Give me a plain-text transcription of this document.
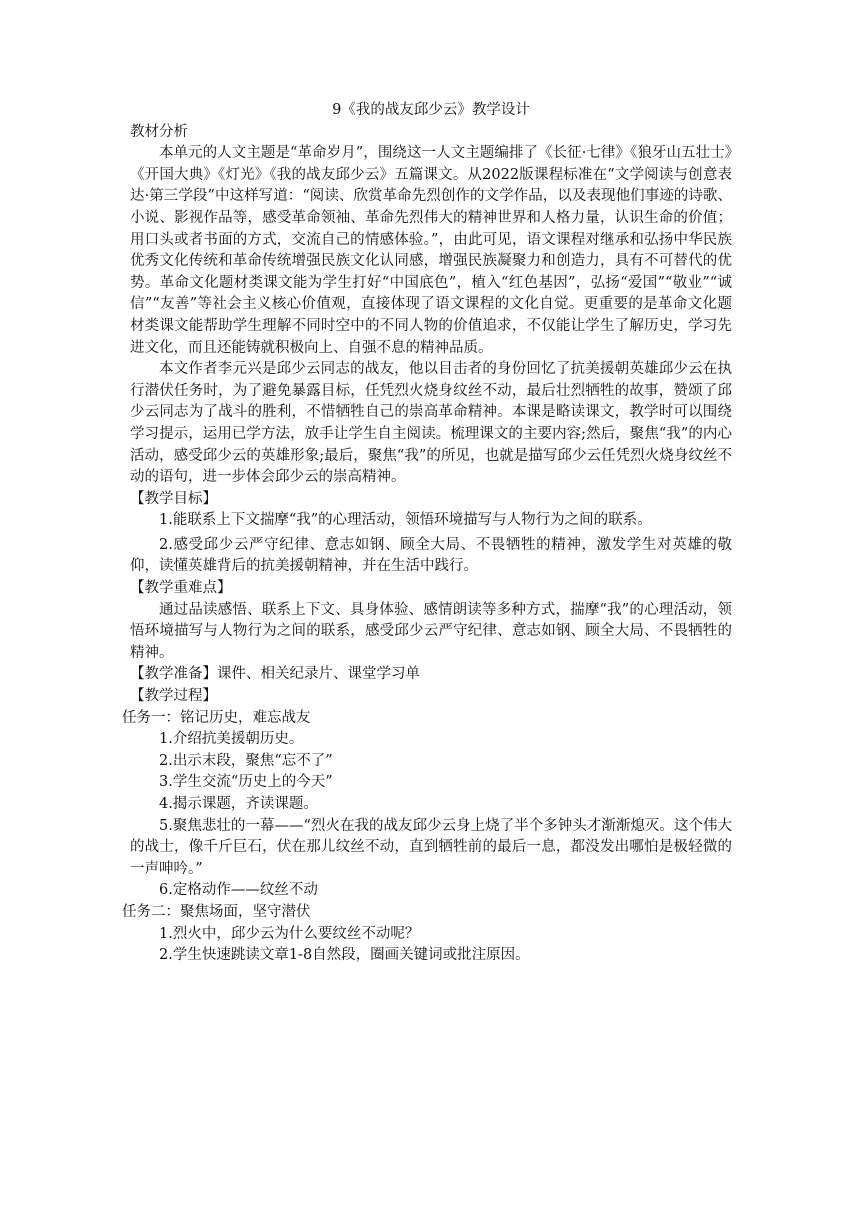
9《我的战友邱少云》教学设计

教材分析

本单元的人文主题是“革命岁月”，围绕这一人文主题编排了《长征·七律》《狼牙山五壮士》《开国大典》《灯光》《我的战友邱少云》五篇课文。从2022版课程标准在“文学阅读与创意表达·第三学段”中这样写道：“阅读、欣赏革命先烈创作的文学作品，以及表现他们事迹的诗歌、小说、影视作品等，感受革命领袖、革命先烈伟大的精神世界和人格力量，认识生命的价值；用口头或者书面的方式，交流自己的情感体验。”，由此可见，语文课程对继承和弘扬中华民族优秀文化传统和革命传统增强民族文化认同感，增强民族凝聚力和创造力，具有不可替代的优势。革命文化题材类课文能为学生打好“中国底色”，植入“红色基因”，弘扬“爱国”“敬业”“诚信”“友善”等社会主义核心价值观，直接体现了语文课程的文化自觉。更重要的是革命文化题材类课文能帮助学生理解不同时空中的不同人物的价值追求，不仅能让学生了解历史，学习先进文化，而且还能铸就积极向上、自强不息的精神品质。

本文作者李元兴是邱少云同志的战友，他以目击者的身份回忆了抗美援朝英雄邱少云在执行潜伏任务时，为了避免暴露目标，任凭烈火烧身纹丝不动，最后壮烈牺牲的故事，赞颂了邱少云同志为了战斗的胜利，不惜牺牲自己的崇高革命精神。本课是略读课文，教学时可以围绕学习提示，运用已学方法，放手让学生自主阅读。梳理课文的主要内容;然后，聚焦“我”的内心活动，感受邱少云的英雄形象;最后，聚焦“我”的所见，也就是描写邱少云任凭烈火烧身纹丝不动的语句，进一步体会邱少云的崇高精神。

【教学目标】

1.能联系上下文揣摩“我”的心理活动，领悟环境描写与人物行为之间的联系。

2.感受邱少云严守纪律、意志如钢、顾全大局、不畏牺牲的精神，激发学生对英雄的敬仰，读懂英雄背后的抗美援朝精神，并在生活中践行。

【教学重难点】

通过品读感悟、联系上下文、具身体验、感情朗读等多种方式，揣摩“我”的心理活动，领悟环境描写与人物行为之间的联系，感受邱少云严守纪律、意志如钢、顾全大局、不畏牺牲的精神。

【教学准备】课件、相关纪录片、课堂学习单

【教学过程】

任务一：铭记历史，难忘战友

1.介绍抗美援朝历史。

2.出示末段，聚焦“忘不了”

3.学生交流“历史上的今天”

4.揭示课题，齐读课题。

5.聚焦悲壮的一幕——“烈火在我的战友邱少云身上烧了半个多钟头才渐渐熄灭。这个伟大的战士，像千斤巨石，伏在那儿纹丝不动，直到牺牲前的最后一息，都没发出哪怕是极轻微的一声呻吟。”

6.定格动作——纹丝不动

任务二：聚焦场面，坚守潜伏

1.烈火中，邱少云为什么要纹丝不动呢？

2.学生快速跳读文章1-8自然段，圈画关键词或批注原因。
